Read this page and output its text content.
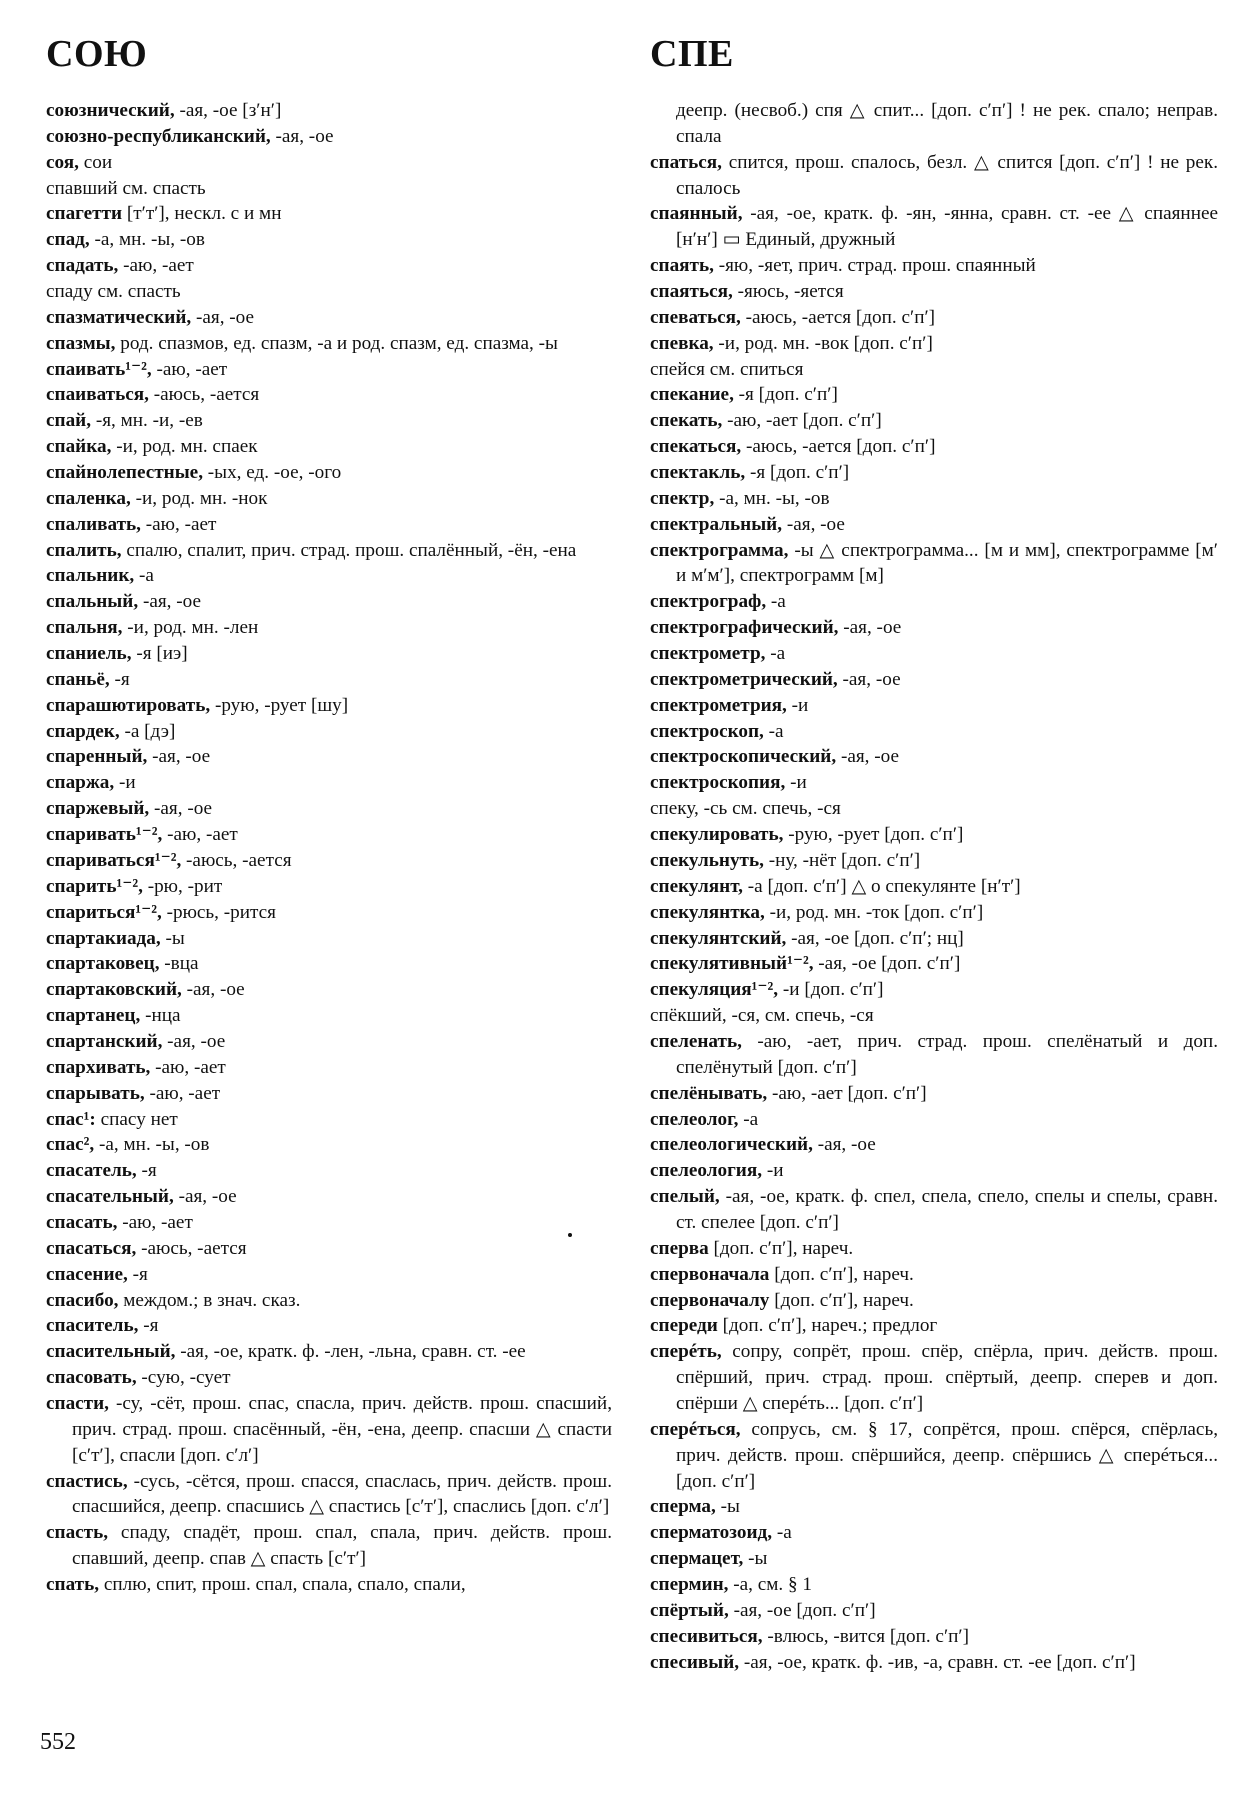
СОЮ	СПЕ

союзнический, -ая, -ое [зʹнʹ]

союзно-республиканский, -ая, -ое

соя, сои

спавший см. спасть

спагетти [тʹтʹ], нескл. с и мн

спад, -а, мн. -ы, -ов

спадать, -аю, -ает

спаду см. спасть

спазматический, -ая, -ое

спазмы, род. спазмов, ед. спазм, -а и род. спазм, ед. спазма, -ы

спаивать¹⁻², -аю, -ает

спаиваться, -аюсь, -ается

спай, -я, мн. -и, -ев

спайка, -и, род. мн. спаек

спайнолепестные, -ых, ед. -ое, -ого

спаленка, -и, род. мн. -нок

спаливать, -аю, -ает

спалить, спалю, спалит, прич. страд. прош. спалённый, -ён, -ена

спальник, -а

спальный, -ая, -ое

спальня, -и, род. мн. -лен

спаниель, -я [иэ]

спаньё, -я

спарашютировать, -рую, -рует [шу]

спардек, -а [дэ]

спаренный, -ая, -ое

спаржа, -и

спаржевый, -ая, -ое

спаривать¹⁻², -аю, -ает

спариваться¹⁻², -аюсь, -ается

спарить¹⁻², -рю, -рит

спариться¹⁻², -рюсь, -рится

спартакиада, -ы

спартаковец, -вца

спартаковский, -ая, -ое

спартанец, -нца

спартанский, -ая, -ое

спархивать, -аю, -ает

спарывать, -аю, -ает

спас¹: спасу нет

спас², -а, мн. -ы, -ов

спасатель, -я

спасательный, -ая, -ое

спасать, -аю, -ает

спасаться, -аюсь, -ается

спасение, -я

спасибо, междом.; в знач. сказ.

спаситель, -я

спасительный, -ая, -ое, кратк. ф. -лен, -льна, сравн. ст. -ее

спасовать, -сую, -сует

спасти, -су, -сёт, прош. спас, спасла, прич. действ. прош. спасший, прич. страд. прош. спасённый, -ён, -ена, деепр. спасши △ спасти [сʹтʹ], спасли [доп. сʹлʹ]

спастись, -сусь, -сётся, прош. спасся, спаслась, прич. действ. прош. спасшийся, деепр. спасшись △ спастись [сʹтʹ], спаслись [доп. сʹлʹ]

спасть, спаду, спадёт, прош. спал, спала, прич. действ. прош. спавший, деепр. спав △ спасть [сʹтʹ]

спать, сплю, спит, прош. спал, спала, спало, спали,

деепр. (несвоб.) спя △ спит... [доп. сʹпʹ] ! не рек. спало; неправ. спала

спаться, спится, прош. спалось, безл. △ спится [доп. сʹпʹ] ! не рек. спалось

спаянный, -ая, -ое, кратк. ф. -ян, -янна, сравн. ст. -ее △ спаяннее [нʹнʹ] ▭ Единый, дружный

спаять, -яю, -яет, прич. страд. прош. спаянный

спаяться, -яюсь, -яется

спеваться, -аюсь, -ается [доп. сʹпʹ]

спевка, -и, род. мн. -вок [доп. сʹпʹ]

спейся см. спиться

спекание, -я [доп. сʹпʹ]

спекать, -аю, -ает [доп. сʹпʹ]

спекаться, -аюсь, -ается [доп. сʹпʹ]

спектакль, -я [доп. сʹпʹ]

спектр, -а, мн. -ы, -ов

спектральный, -ая, -ое

спектрограмма, -ы △ спектрограмма... [м и мм], спектрограмме [мʹ и мʹмʹ], спектрограмм [м]

спектрограф, -а

спектрографический, -ая, -ое

спектрометр, -а

спектрометрический, -ая, -ое

спектрометрия, -и

спектроскоп, -а

спектроскопический, -ая, -ое

спектроскопия, -и

спеку, -сь см. спечь, -ся

спекулировать, -рую, -рует [доп. сʹпʹ]

спекульнуть, -ну, -нёт [доп. сʹпʹ]

спекулянт, -а [доп. сʹпʹ] △ о спекулянте [нʹтʹ]

спекулянтка, -и, род. мн. -ток [доп. сʹпʹ]

спекулянтский, -ая, -ое [доп. сʹпʹ; нц]

спекулятивный¹⁻², -ая, -ое [доп. сʹпʹ]

спекуляция¹⁻², -и [доп. сʹпʹ]

спёкший, -ся, см. спечь, -ся

спеленать, -аю, -ает, прич. страд. прош. спелёнатый и доп. спелёнутый [доп. сʹпʹ]

спелёнывать, -аю, -ает [доп. сʹпʹ]

спелеолог, -а

спелеологический, -ая, -ое

спелеология, -и

спелый, -ая, -ое, кратк. ф. спел, спела, спело, спелы и спелы, сравн. ст. спелее [доп. сʹпʹ]

сперва [доп. сʹпʹ], нареч.

спервоначала [доп. сʹпʹ], нареч.

спервоначалу [доп. сʹпʹ], нареч.

спереди [доп. сʹпʹ], нареч.; предлог

сперéть, сопру, сопрёт, прош. спёр, спёрла, прич. действ. прош. спёрший, прич. страд. прош. спёртый, деепр. сперев и доп. спёрши △ сперéть... [доп. сʹпʹ]

сперéться, сопрусь, см. § 17, сопрётся, прош. спёрся, спёрлась, прич. действ. прош. спёршийся, деепр. спёршись △ сперéться... [доп. сʹпʹ]

сперма, -ы

сперматозоид, -а

спермацет, -ы

спермин, -а, см. § 1

спёртый, -ая, -ое [доп. сʹпʹ]

спесивиться, -влюсь, -вится [доп. сʹпʹ]

спесивый, -ая, -ое, кратк. ф. -ив, -а, сравн. ст. -ее [доп. сʹпʹ]

552
